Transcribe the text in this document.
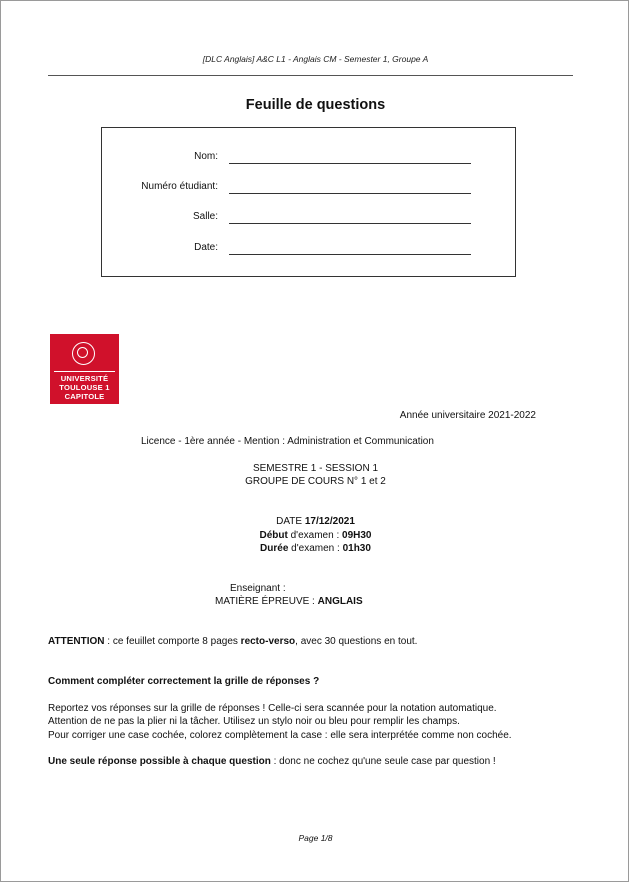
[DLC Anglais] A&C L1 - Anglais CM - Semester 1, Groupe A
Feuille de questions
Nom:
Numéro étudiant:
Salle:
Date:
UNIVERSITÉ
TOULOUSE 1
CAPITOLE
Année universitaire 2021-2022
Licence - 1ère année - Mention : Administration et Communication
SEMESTRE 1 - SESSION 1
GROUPE DE COURS N° 1 et 2
DATE 17/12/2021
Début d'examen : 09H30
Durée d'examen : 01h30
Enseignant :
MATIÈRE ÉPREUVE : ANGLAIS
ATTENTION : ce feuillet comporte 8 pages recto-verso, avec 30 questions en tout.
Comment compléter correctement la grille de réponses ?
Reportez vos réponses sur la grille de réponses ! Celle-ci sera scannée pour la notation automatique.
Attention de ne pas la plier ni la tâcher. Utilisez un stylo noir ou bleu pour remplir les champs.
Pour corriger une case cochée, colorez complètement la case : elle sera interprétée comme non cochée.
Une seule réponse possible à chaque question : donc ne cochez qu'une seule case par question !
Page 1/8
